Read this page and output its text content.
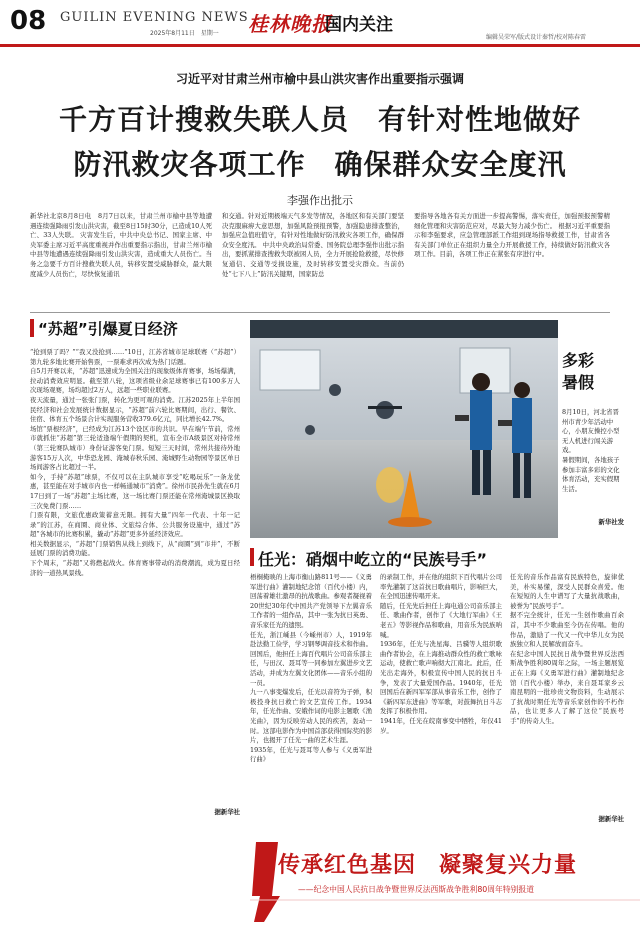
08 GUILIN EVENING NEWS
2025年8月11日　星期一 桂林晚报
国内关注
编辑吴荣军/版式设计秦哲/校对陈春雷
习近平对甘肃兰州市榆中县山洪灾害作出重要指示强调
千方百计搜救失联人员　有针对性地做好
防汛救灾各项工作　确保群众安全度汛
李强作出批示
新华社北京8月8日电　8月7日以来，甘肃兰州市榆中县等地遭遇连续强降雨引发山洪灾害，截至8日15时30分，已造成10人死亡、33人失联。 灾害发生后，中共中央总书记、国家主席、中央军委主席习近平高度重视并作出重要指示指出，甘肃兰州市榆中县等地遭遇连续强降雨引发山洪灾害，造成重大人员伤亡。当务之急要千方百计搜救失联人员，转移安置受威胁群众，最大限度减少人员伤亡，尽快恢复通讯
和交通。针对近期极端天气多发等情况，各地区和有关部门要坚决克服麻痹大意思想，加强风险预报预警，加强隐患排查整治，加强应急值班值守，有针对性地做好防汛救灾各项工作，确保群众安全度汛。 中共中央政治局常委、国务院总理李强作出批示指出，要抓紧排查搜救失联被困人员，全力开展抢险救援，尽快修复通信、交通等受损设施，及时转移安置受灾群众。当前仍处“七下八上”防汛关键期，国家防总
要指导各地各有关方面进一步提高警惕，落实责任，加强预报预警精细化管理和灾害防范应对，尽最大努力减少伤亡。 根据习近平重要指示和李强要求，应急管理部派工作组到现场指导救援工作，甘肃省各有关部门单位正在组织力量全力开展救援工作，持续做好防汛救灾各项工作。目前，各项工作正在紧张有序进行中。
“苏超”引爆夏日经济
“抢到票了吗？”“我又没抢到……”10日，江苏省城市足球联赛（“苏超”）第九轮多地比赛开始售票，一票难求再次成为热门话题。
自5月开赛以来，“苏超”迅速成为全国关注的现象级体育赛事，场场爆满，拉动消费效应明显。截至第八轮，这项省级业余足球赛事已有100多万人次现场观赛，场均超过2万人，远超一些职业联赛。
夜天流量，通过一张张门票，转化为更可观的消费。江苏2025年上半年国民经济和社会发展统计数据显示，“苏超”前六轮比赛期间，出行、餐饮、住宿、体育五个场景合计实现服务营收379.6亿元，同比增长42.7%。
场馆“票根经济”，已经成为江苏13个设区市的共识。早在端午节前，常州市就抓住“苏超”第三轮适逢端午假期的契机，宣布全市A级景区对持常州（第三轮赛队城市）身份证游客免门票。短短三天时间，常州共接待外地游客15万人次，中华恐龙园、淹城春秋乐园、淹城野生动物园等景区单日场间游客占比超过一半。
如今，手持“苏超”球票，不仅可以在主队城市享受“吃喝玩乐”一条龙优惠，甚至能在对手城市内也一样畅通城市“消费”。徐州市民孙先生就在6月17日到了一场“苏超”主场比赛，这一场比赛门票还能在常州淹城景区换取三次免费门票……
门票有限，文旅优惠政策蓄意无限。拥有大量“四年一代表、十年一记录”的江苏，在商圈、商业体、文旅综合体、公共服务设施中，通过“苏超”各城市的比赛积累，撬动“苏超”更多外延经济效应。
相关数据显示，“苏超”门票销售从线上到线下，从“商圈”到“市井”，不断延展门票的消费功能。
下个周末，“苏超”又将燃起战火。体育赛事带动的消费潮流，成为夏日经济的一道热风景线。
据新华社
多彩
暑假
8月10日，河北省晋州市青少年活动中心，小朋友操控小型无人机进行闯关游戏。
暑假期间，各地孩子参加丰富多彩的文化体育活动，充实假期生活。
新华社发
任光：硝烟中屹立的“民族号手”
梧桐掩映的上海市衡山路811号——《义勇军进行曲》灌制地纪念馆（百代小楼）内，回荡着雄壮激昂的抗战歌曲。参观者凝视着20世纪30年代中国共产党领导下左翼音乐工作者的一组作品，其中一张为抗日英勇、音乐家任光的遗照。
任光，浙江嵊县（今嵊州市）人，1919年赴法勤工俭学，学习钢琴调音技术和作曲。回国后，他担任上海百代唱片公司音乐部主任，与田汉、聂耳等一同参加左翼进步文艺活动，并成为左翼文化团体——音乐小组的一员。
九一八事变爆发后，任光以音符为子弹，积极投身抗日救亡的文艺宣传工作。1934年，任光作曲、安娥作词的电影主题歌《渔光曲》，因为反映劳动人民的疾苦，轰动一时。这部电影作为中国首部获得国际奖的影片，也揭开了任光一曲的艺术生涯。
1935年，任光与聂耳等人参与《义勇军进行曲》
的录制工作，并在他的组织下百代唱片公司率先灌制了这首抗日歌曲唱片，影响巨大，在全国迅速传唱开来。
随后，任光先后担任上海电通公司音乐部主任、歌曲作者，创作了《大地行军曲》《王老五》等影视作品和歌曲，用音乐为民族呐喊。
1936年，任光与冼星海、吕骥等人组织歌曲作者协会，在上海推动群众性的救亡歌咏运动，使救亡歌声响彻大江南北。此后，任光出走海外，积极宣传中国人民的抗日斗争，发表了大量爱国作品。1940年，任光回国后在新四军军部从事音乐工作，创作了《新四军东进曲》等军歌，对鼓舞抗日斗志发挥了积极作用。
1941年，任光在皖南事变中牺牲，年仅41岁。
任光的音乐作品富有民族特色，旋律优美，朴实易懂，深受人民群众喜爱。他在短短的人生中谱写了大量抗战歌曲，被誉为“民族号手”。
据不完全统计，任光一生创作歌曲百余首，其中不少歌曲至今仍在传唱。他的作品，激励了一代又一代中华儿女为民族独立和人民解放而奋斗。
在纪念中国人民抗日战争暨世界反法西斯战争胜利80周年之际，一场主题展览正在上海《义勇军进行曲》灌制地纪念馆（百代小楼）举办，来自聂耳家乡云南昆明的一批珍贵文物资料，生动展示了抗战时期任光等音乐家创作的不朽作品，也让更多人了解了这位“民族号手”的传奇人生。
据新华社
传承红色基因　凝聚复兴力量
——纪念中国人民抗日战争暨世界反法西斯战争胜利80周年特别报道
